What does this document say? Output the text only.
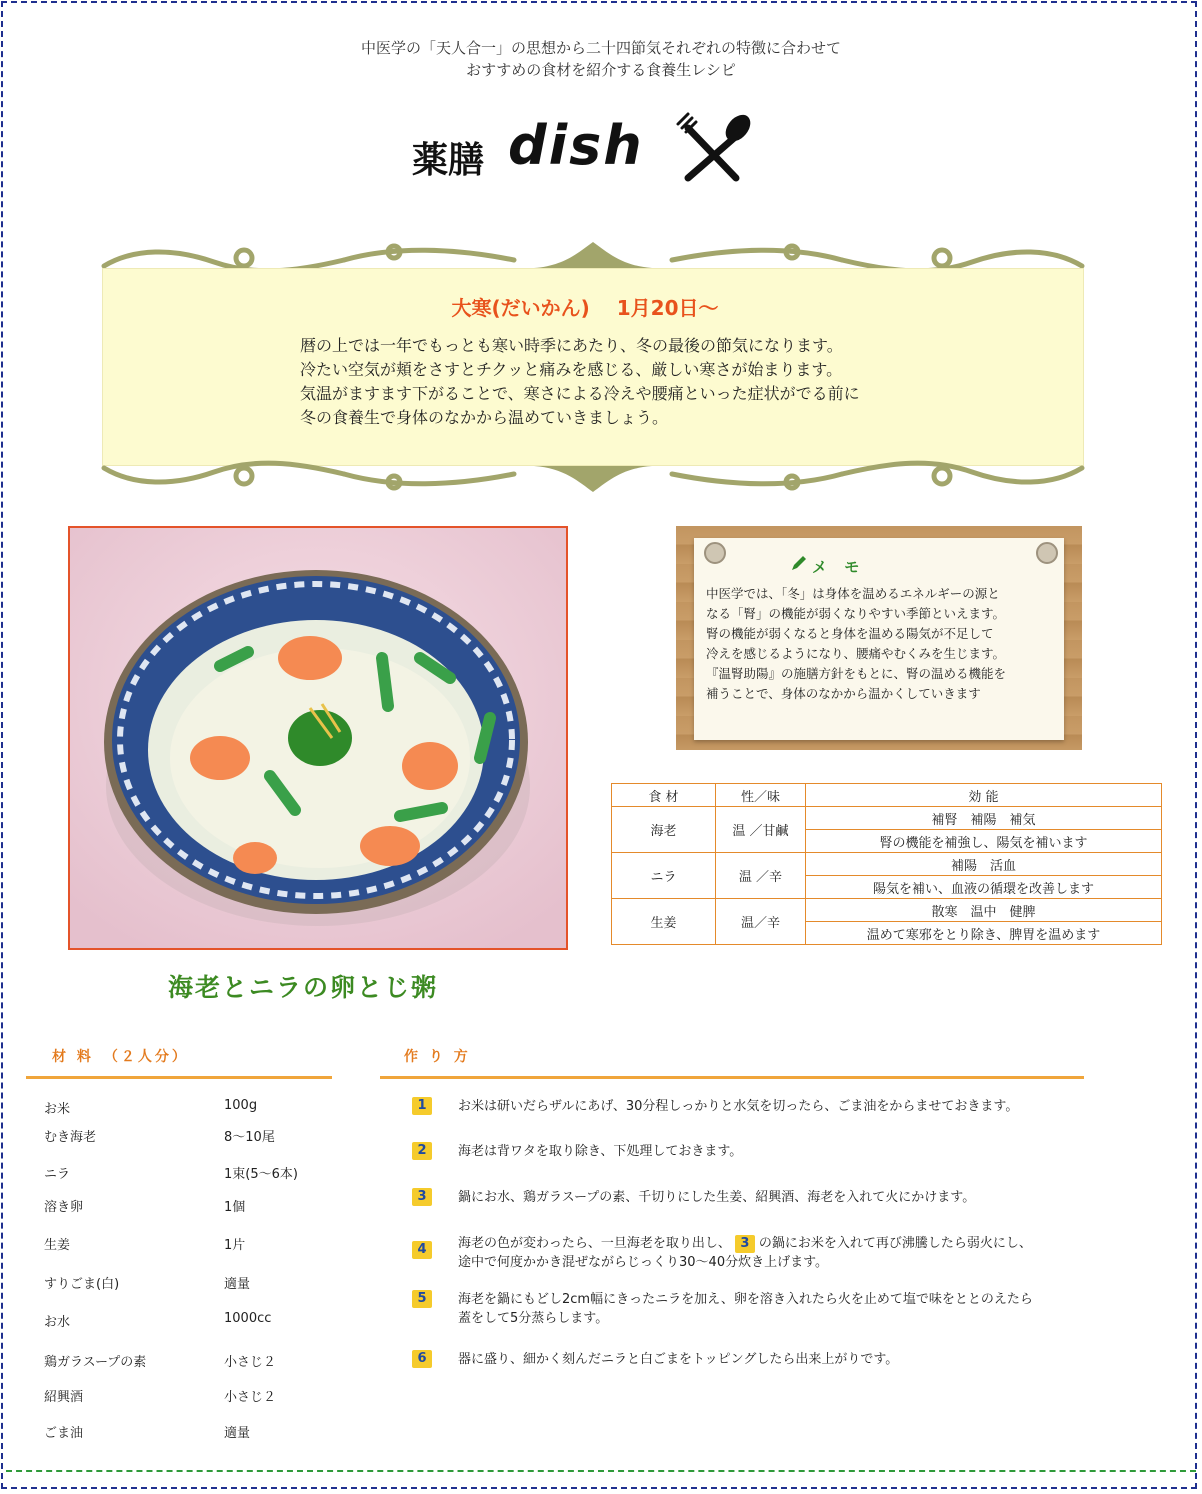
中医学の「天人合一」の思想から二十四節気それぞれの特徴に合わせて
おすすめの食材を紹介する食養生レシピ
薬膳 dish
大寒(だいかん)　 1月20日～
暦の上では一年でもっとも寒い時季にあたり、冬の最後の節気になります。
冷たい空気が頬をさすとチクッと痛みを感じる、厳しい寒さが始まります。
気温がますます下がることで、寒さによる冷えや腰痛といった症状がでる前に
冬の食養生で身体のなかから温めていきましょう。
海老とニラの卵とじ粥
メ モ
中医学では、「冬」は身体を温めるエネルギーの源と
なる「腎」の機能が弱くなりやすい季節といえます。
腎の機能が弱くなると身体を温める陽気が不足して
冷えを感じるようになり、腰痛やむくみを生じます。
『温腎助陽』の施膳方針をもとに、腎の温める機能を
補うことで、身体のなかから温かくしていきます
食 材	性／味	効 能
海老	温 ／甘鹹	補腎　補陽　補気
		腎の機能を補強し、陽気を補います
ニラ	温 ／辛	補陽　活血
		陽気を補い、血液の循環を改善します
生姜	温／辛	散寒　温中　健脾
		温めて寒邪をとり除き、脾胃を温めます
材 料　（２人分）
お米	100g
むき海老	8～10尾
ニラ	1束(5～6本)
溶き卵	1個
生姜	1片
すりごま(白)	適量
お水	1000cc
鶏ガラスープの素	小さじ２
紹興酒	小さじ２
ごま油	適量
作 り 方
1	お米は研いだらザルにあげ、30分程しっかりと水気を切ったら、ごま油をからませておきます。
2	海老は背ワタを取り除き、下処理しておきます。
3	鍋にお水、鶏ガラスープの素、千切りにした生姜、紹興酒、海老を入れて火にかけます。
4	海老の色が変わったら、一旦海老を取り出し、 3 の鍋にお米を入れて再び沸騰したら弱火にし、
途中で何度かかき混ぜながらじっくり30～40分炊き上げます。
5	海老を鍋にもどし2cm幅にきったニラを加え、卵を溶き入れたら火を止めて塩で味をととのえたら
蓋をして5分蒸らします。
6	器に盛り、細かく刻んだニラと白ごまをトッピングしたら出来上がりです。
